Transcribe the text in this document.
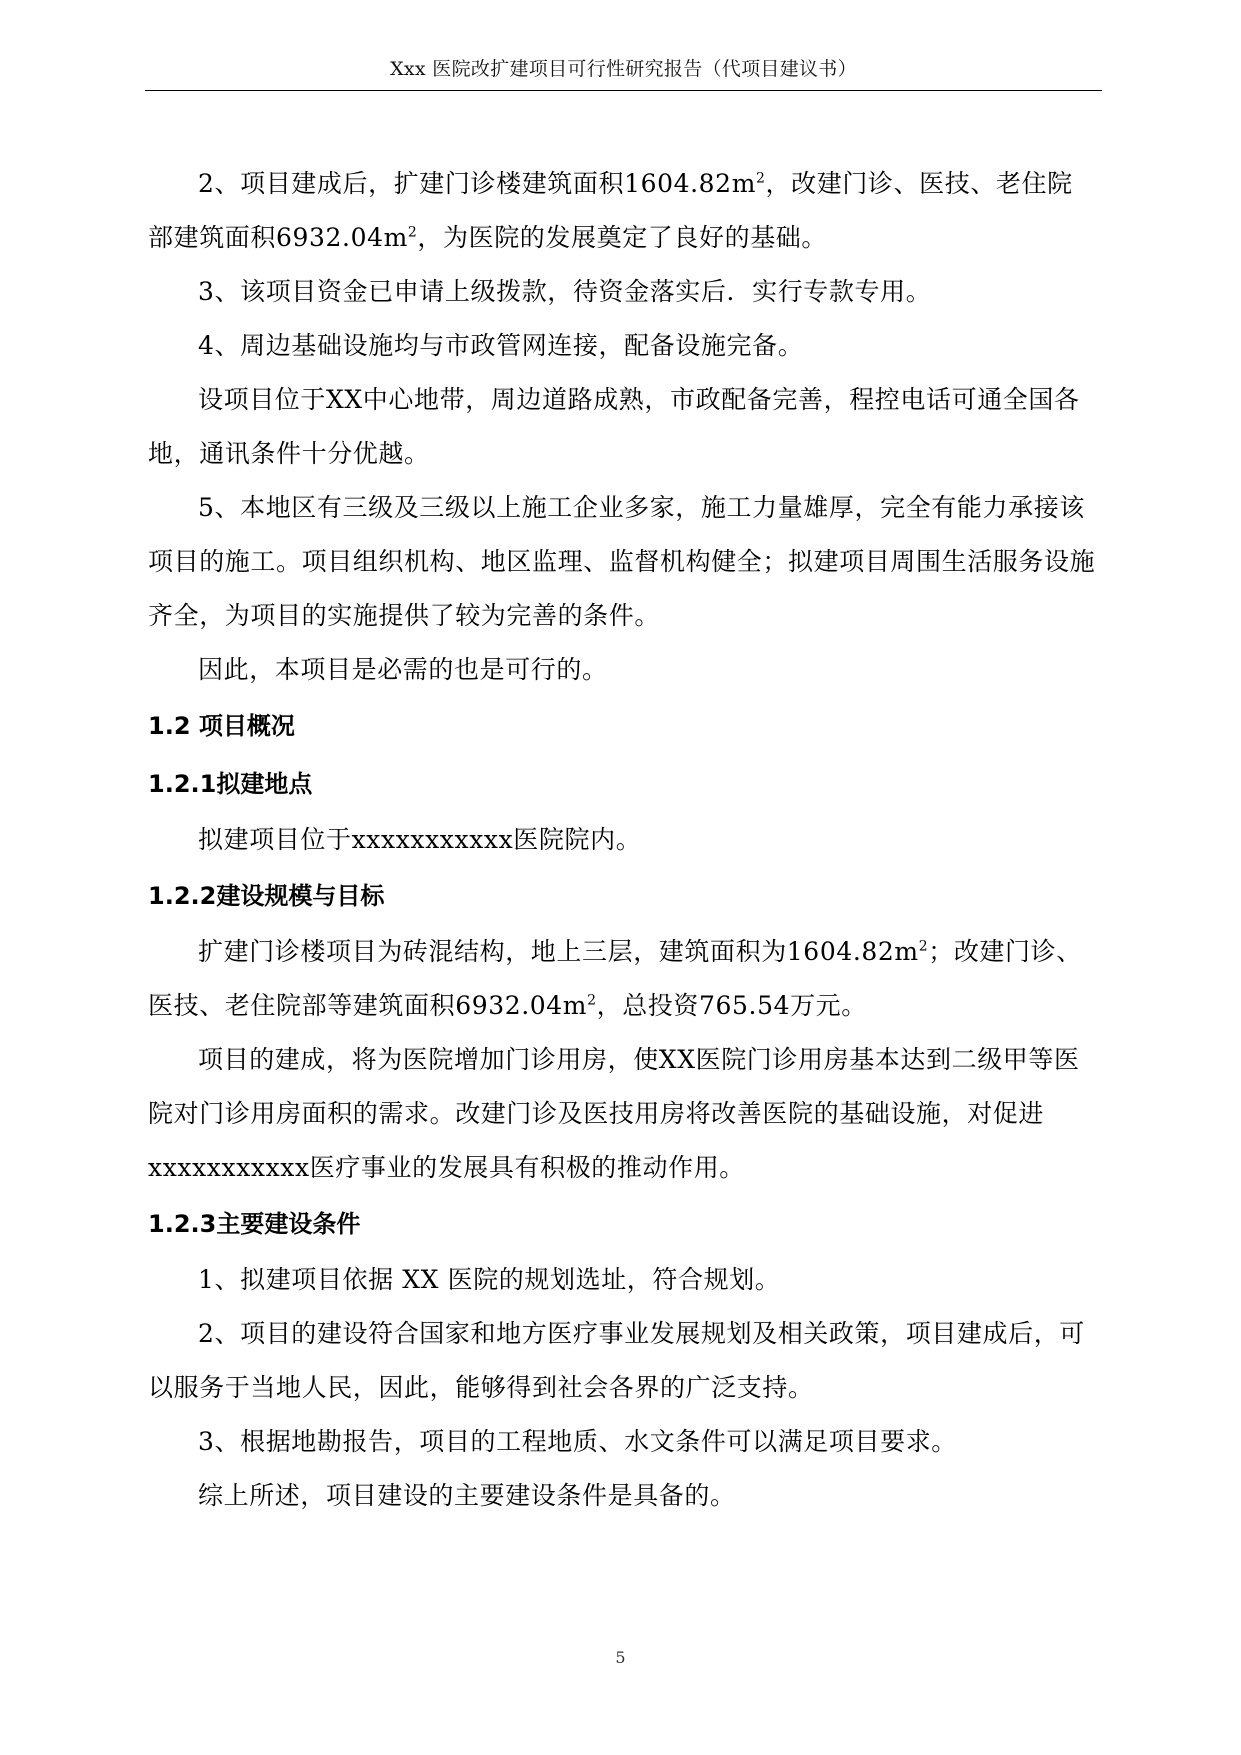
Xxx 医院改扩建项目可行性研究报告（代项目建议书）

2、项目建成后，扩建门诊楼建筑面积$1604.82m^2$，改建门诊、医技、老住院部建筑面积$6932.04m^2$，为医院的发展奠定了良好的基础。

3、该项目资金已申请上级拨款，待资金落实后．实行专款专用。

4、周边基础设施均与市政管网连接，配备设施完备。

设项目位于XX中心地带，周边道路成熟，市政配备完善，程控电话可通全国各地，通讯条件十分优越。

5、本地区有三级及三级以上施工企业多家，施工力量雄厚，完全有能力承接该项目的施工。项目组织机构、地区监理、监督机构健全；拟建项目周围生活服务设施齐全，为项目的实施提供了较为完善的条件。

因此，本项目是必需的也是可行的。

1.2 项目概况
1.2.1拟建地点

拟建项目位于xxxxxxxxxxx医院院内。

1.2.2建设规模与目标

扩建门诊楼项目为砖混结构，地上三层，建筑面积为$1604.82m^2$；改建门诊、医技、老住院部等建筑面积$6932.04m^2$，总投资765.54万元。

项目的建成，将为医院增加门诊用房，使XX医院门诊用房基本达到二级甲等医院对门诊用房面积的需求。改建门诊及医技用房将改善医院的基础设施，对促进xxxxxxxxxxx医疗事业的发展具有积极的推动作用。

1.2.3主要建设条件

1、拟建项目依据 XX 医院的规划选址，符合规划。

2、项目的建设符合国家和地方医疗事业发展规划及相关政策，项目建成后，可以服务于当地人民，因此，能够得到社会各界的广泛支持。

3、根据地勘报告，项目的工程地质、水文条件可以满足项目要求。

综上所述，项目建设的主要建设条件是具备的。

5
